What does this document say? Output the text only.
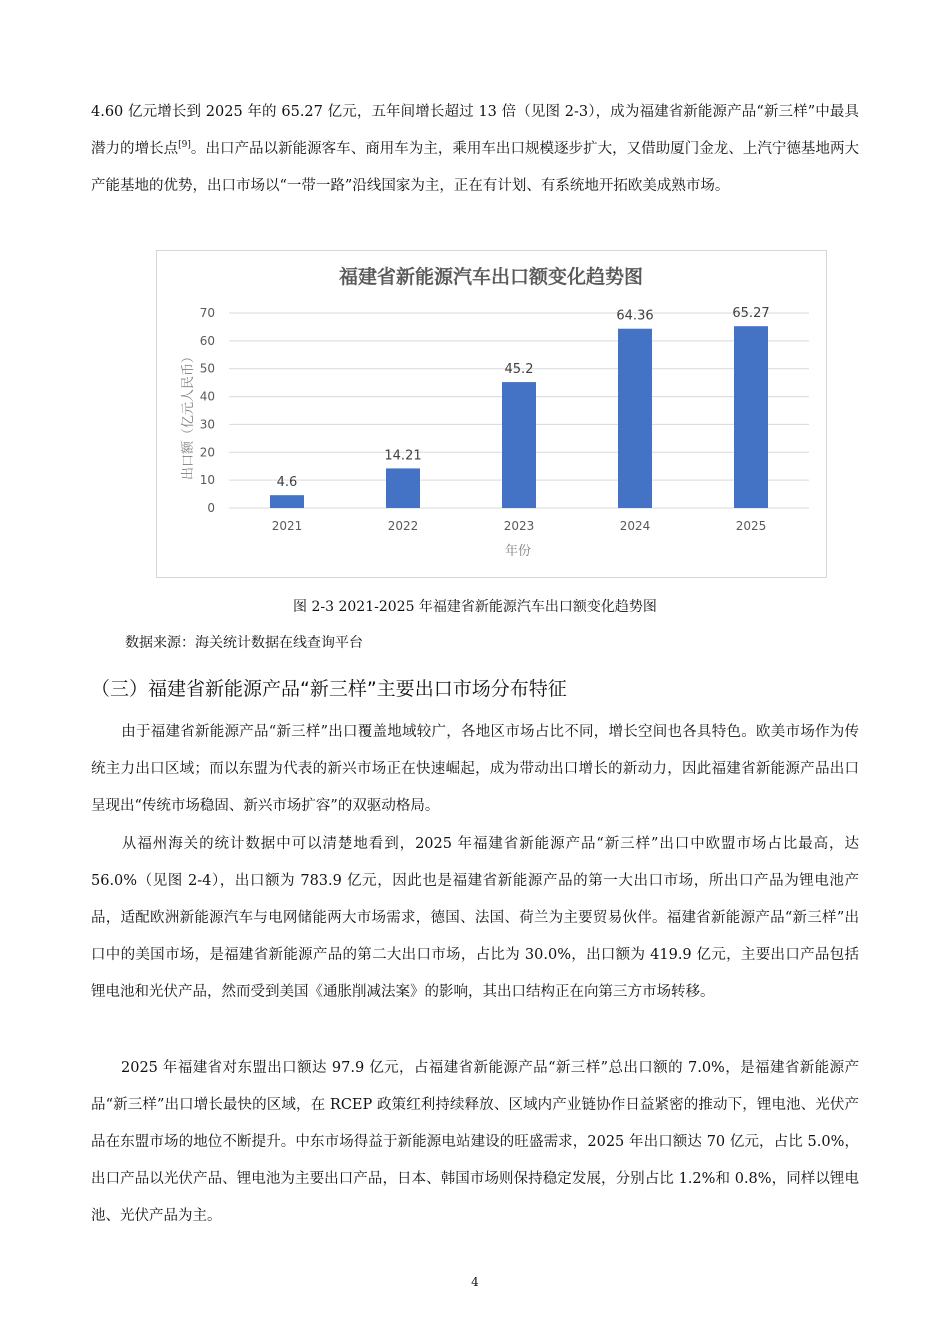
4.60 亿元增长到 2025 年的 65.27 亿元，五年间增长超过 13 倍（见图 2-3），成为福建省新能源产品“新三样”中最具潜力的增长点[9]。出口产品以新能源客车、商用车为主，乘用车出口规模逐步扩大，又借助厦门金龙、上汽宁德基地两大产能基地的优势，出口市场以“一带一路”沿线国家为主，正在有计划、有系统地开拓欧美成熟市场。

福建省新能源汽车出口额变化趋势图
0
10
20
30
40
50
60
70
4.6
14.21
45.2
64.36	65.27
2021	2022	2023	2024	2025
年份
出口额（亿元人民币）
图 2-3 2021-2025 年福建省新能源汽车出口额变化趋势图
数据来源：海关统计数据在线查询平台
（三）福建省新能源产品“新三样”主要出口市场分布特征

由于福建省新能源产品“新三样”出口覆盖地域较广，各地区市场占比不同，增长空间也各具特色。欧美市场作为传统主力出口区域；而以东盟为代表的新兴市场正在快速崛起，成为带动出口增长的新动力，因此福建省新能源产品出口呈现出“传统市场稳固、新兴市场扩容”的双驱动格局。

从福州海关的统计数据中可以清楚地看到，2025 年福建省新能源产品“新三样”出口中欧盟市场占比最高，达 56.0%（见图 2-4），出口额为 783.9 亿元，因此也是福建省新能源产品的第一大出口市场，所出口产品为锂电池产品，适配欧洲新能源汽车与电网储能两大市场需求，德国、法国、荷兰为主要贸易伙伴。福建省新能源产品“新三样”出口中的美国市场，是福建省新能源产品的第二大出口市场，占比为 30.0%，出口额为 419.9 亿元，主要出口产品包括锂电池和光伏产品，然而受到美国《通胀削减法案》的影响，其出口结构正在向第三方市场转移。

2025 年福建省对东盟出口额达 97.9 亿元，占福建省新能源产品“新三样”总出口额的 7.0%，是福建省新能源产品“新三样”出口增长最快的区域，在 RCEP 政策红利持续释放、区域内产业链协作日益紧密的推动下，锂电池、光伏产品在东盟市场的地位不断提升。中东市场得益于新能源电站建设的旺盛需求，2025 年出口额达 70 亿元，占比 5.0%，出口产品以光伏产品、锂电池为主要出口产品，日本、韩国市场则保持稳定发展，分别占比 1.2%和 0.8%，同样以锂电池、光伏产品为主。

4
